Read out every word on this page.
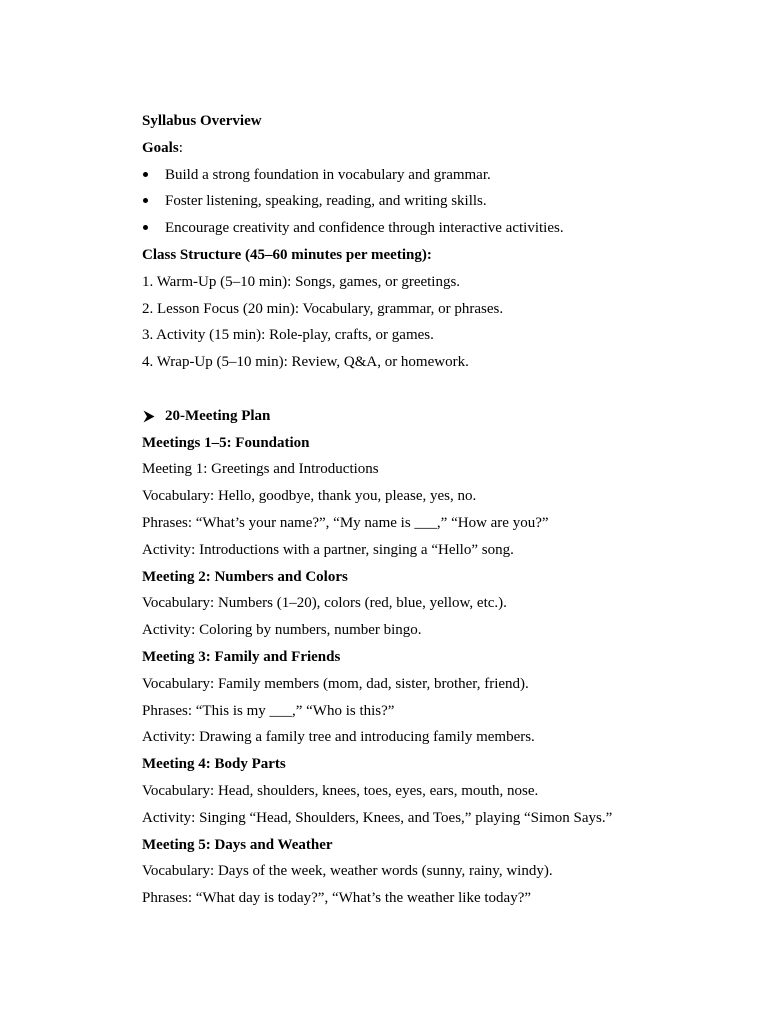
Syllabus Overview

Goals:

Build a strong foundation in vocabulary and grammar.
Foster listening, speaking, reading, and writing skills.
Encourage creativity and confidence through interactive activities.

Class Structure (45–60 minutes per meeting):

1. Warm-Up (5–10 min): Songs, games, or greetings.

2. Lesson Focus (20 min): Vocabulary, grammar, or phrases.

3. Activity (15 min): Role-play, crafts, or games.

4. Wrap-Up (5–10 min): Review, Q&A, or homework.

20-Meeting Plan

Meetings 1–5: Foundation

Meeting 1: Greetings and Introductions

Vocabulary: Hello, goodbye, thank you, please, yes, no.

Phrases: “What’s your name?”, “My name is ___,” “How are you?”

Activity: Introductions with a partner, singing a “Hello” song.

Meeting 2: Numbers and Colors

Vocabulary: Numbers (1–20), colors (red, blue, yellow, etc.).

Activity: Coloring by numbers, number bingo.

Meeting 3: Family and Friends

Vocabulary: Family members (mom, dad, sister, brother, friend).

Phrases: “This is my ___,” “Who is this?”

Activity: Drawing a family tree and introducing family members.

Meeting 4: Body Parts

Vocabulary: Head, shoulders, knees, toes, eyes, ears, mouth, nose.

Activity: Singing “Head, Shoulders, Knees, and Toes,” playing “Simon Says.”

Meeting 5: Days and Weather

Vocabulary: Days of the week, weather words (sunny, rainy, windy).

Phrases: “What day is today?”, “What’s the weather like today?”
